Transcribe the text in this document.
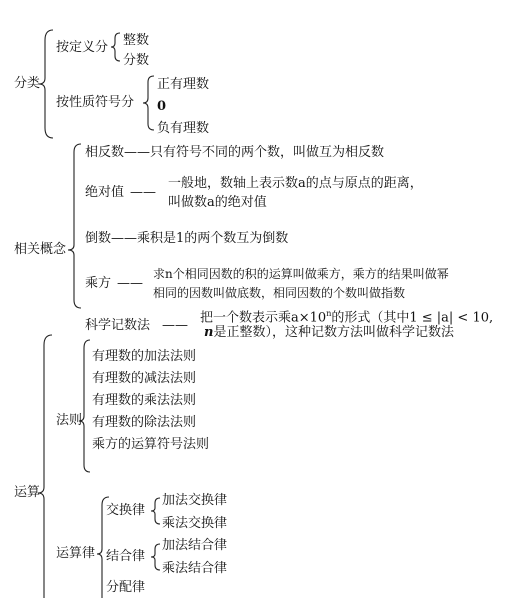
分类
按定义分 整数
分数
按性质符号分
正有理数
0
负有理数
相关概念
相反数——只有符号不同的两个数，叫做互为相反数
绝对值 ——
一般地，数轴上表示数a的点与原点的距离，
叫做数a的绝对值
倒数——乘积是1的两个数互为倒数
乘方 ——
求n个相同因数的积的运算叫做乘方，乘方的结果叫做幂
相同的因数叫做底数，相同因数的个数叫做指数
科学记数法 ——
把一个数表示乘$a\times 10^n$的形式（其中1 ≤ |a| < 10,
n是正整数），这种记数方法叫做科学记数法
运算
法则
有理数的加法法则
有理数的减法法则
有理数的乘法法则
有理数的除法法则
乘方的运算符号法则
运算律
交换律
加法交换律
乘法交换律
结合律
加法结合律
乘法结合律
分配律
